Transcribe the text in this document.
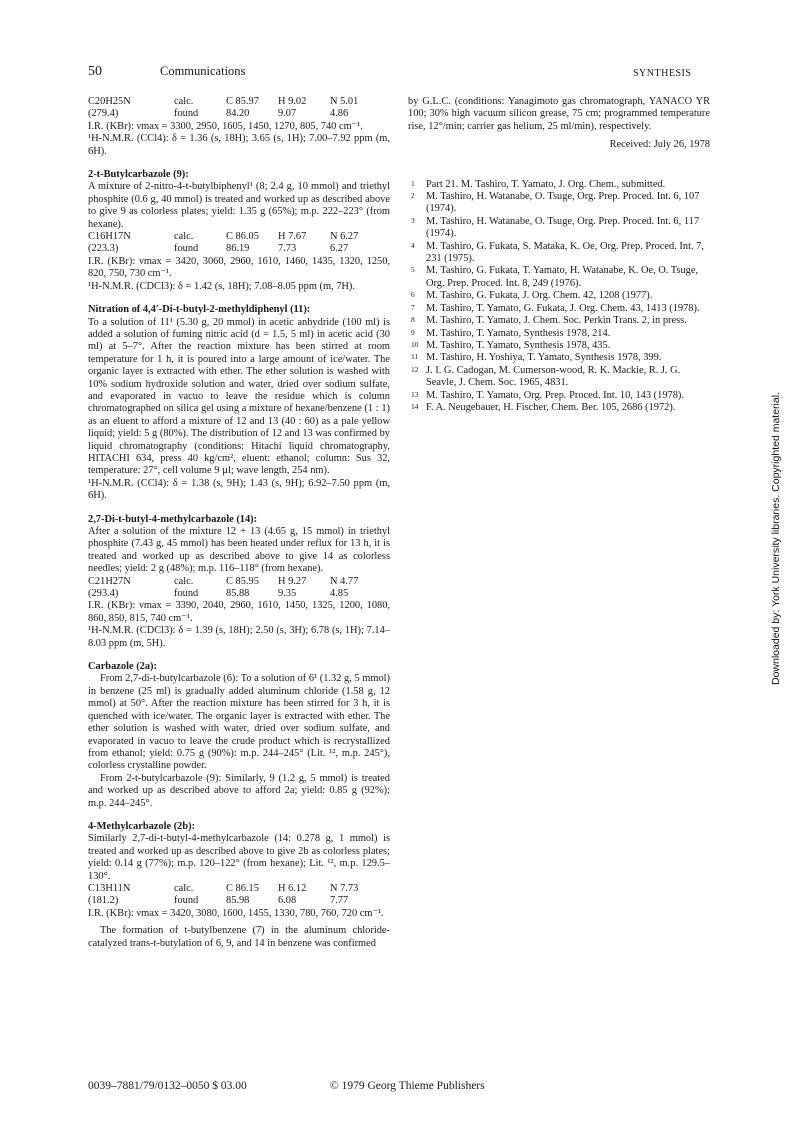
50	Communications	SYNTHESIS
C20H25N	calc.	C 85.97	H 9.02	N 5.01
(279.4)	found	84.20	9.07	4.86

I.R. (KBr): νmax = 3300, 2950, 1605, 1450, 1270, 805, 740 cm⁻¹.

¹H-N.M.R. (CCl4): δ = 1.36 (s, 18H); 3.65 (s, 1H); 7.00–7.92 ppm (m, 6H).

2-t-Butylcarbazole (9):

A mixture of 2-nitro-4-t-butylbiphenyl¹ (8; 2.4 g, 10 mmol) and triethyl phosphite (0.6 g, 40 mmol) is treated and worked up as described above to give 9 as colorless plates; yield: 1.35 g (65%); m.p. 222–223° (from hexane).

C16H17N	calc.	C 86.05	H 7.67	N 6.27
(223.3)	found	86.19	7.73	6.27

I.R. (KBr): νmax = 3420, 3060, 2960, 1610, 1460, 1435, 1320, 1250, 820, 750, 730 cm⁻¹.

¹H-N.M.R. (CDCl3): δ = 1.42 (s, 18H); 7.08–8.05 ppm (m, 7H).

Nitration of 4,4′-Di-t-butyl-2-methyldiphenyl (11):

To a solution of 11¹ (5.30 g, 20 mmol) in acetic anhydride (100 ml) is added a solution of fuming nitric acid (d = 1.5, 5 ml) in acetic acid (30 ml) at 5–7°. After the reaction mixture has been stirred at room temperature for 1 h, it is poured into a large amount of ice/water. The organic layer is extracted with ether. The ether solution is washed with 10% sodium hydroxide solution and water, dried over sodium sulfate, and evaporated in vacuo to leave the residue which is column chromatographed on silica gel using a mixture of hexane/benzene (1 : 1) as an eluent to afford a mixture of 12 and 13 (40 : 60) as a pale yellow liquid; yield: 5 g (80%). The distribution of 12 and 13 was confirmed by liquid chromatography (conditions: Hitachi liquid chromatography, HITACHI 634, press 40 kg/cm², eluent: ethanol; column: Sus 32, temperature: 27°, cell volume 9 µl; wave length, 254 nm).

¹H-N.M.R. (CCl4): δ = 1.38 (s, 9H); 1.43 (s, 9H); 6.92–7.50 ppm (m, 6H).

2,7-Di-t-butyl-4-methylcarbazole (14):

After a solution of the mixture 12 + 13 (4.65 g, 15 mmol) in triethyl phosphite (7.43 g, 45 mmol) has been heated under reflux for 13 h, it is treated and worked up as described above to give 14 as colorless needles; yield: 2 g (48%); m.p. 116–118° (from hexane).

C21H27N	calc.	C 85.95	H 9.27	N 4.77
(293.4)	found	85.88	9.35	4.85

I.R. (KBr): νmax = 3390, 2040, 2960, 1610, 1450, 1325, 1200, 1080, 860, 850, 815, 740 cm⁻¹.

¹H-N.M.R. (CDCl3): δ = 1.39 (s, 18H); 2.50 (s, 3H); 6.78 (s, 1H); 7.14–8.03 ppm (m, 5H).

Carbazole (2a):

From 2,7-di-t-butylcarbazole (6): To a solution of 6¹ (1.32 g, 5 mmol) in benzene (25 ml) is gradually added aluminum chloride (1.58 g, 12 mmol) at 50°. After the reaction mixture has been stirred for 3 h, it is quenched with ice/water. The organic layer is extracted with ether. The ether solution is washed with water, dried over sodium sulfate, and evaporated in vacuo to leave the crude product which is recrystallized from ethanol; yield: 0.75 g (90%): m.p. 244–245° (Lit. ¹², m.p. 245°), colorless crystalline powder.

From 2-t-butylcarbazole (9): Similarly, 9 (1.2 g, 5 mmol) is treated and worked up as described above to afford 2a; yield: 0.85 g (92%); m.p. 244–245°.

4-Methylcarbazole (2b):

Similarly 2,7-di-t-butyl-4-methylcarbazole (14: 0.278 g, 1 mmol) is treated and worked up as described above to give 2b as colorless plates; yield: 0.14 g (77%); m.p. 120–122° (from hexane); Lit. ¹², m.p. 129.5–130°.

C13H11N	calc.	C 86.15	H 6.12	N 7.73
(181.2)	found	85.98	6.08	7.77

I.R. (KBr): νmax = 3420, 3080, 1600, 1455, 1330, 780, 760, 720 cm⁻¹.

The formation of t-butylbenzene (7) in the aluminum chloride-catalyzed trans-t-butylation of 6, 9, and 14 in benzene was confirmed

by G.L.C. (conditions: Yanagimoto gas chromatograph, YANACO YR 100; 30% high vacuum silicon grease, 75 cm; programmed temperature rise, 12°/min; carrier gas helium, 25 ml/min), respectively.

Received: July 26, 1978
1	Part 21. M. Tashiro, T. Yamato, J. Org. Chem., submitted.
2	M. Tashiro, H. Watanabe, O. Tsuge, Org. Prep. Proced. Int. 6, 107 (1974).
3	M. Tashiro, H. Watanabe, O. Tsuge, Org. Prep. Proced. Int. 6, 117 (1974).
4	M. Tashiro, G. Fukata, S. Mataka, K. Oe, Org. Prep. Proced. Int. 7, 231 (1975).
5	M. Tashiro, G. Fukata, T. Yamato, H. Watanabe, K. Oe, O. Tsuge, Org. Prep. Proced. Int. 8, 249 (1976).
6	M. Tashiro, G. Fukata, J. Org. Chem. 42, 1208 (1977).
7	M. Tashiro, T. Yamato, G. Fukata, J. Org. Chem. 43, 1413 (1978).
8	M. Tashiro, T. Yamato, J. Chem. Soc. Perkin Trans. 2, in press.
9	M. Tashiro, T. Yamato, Synthesis 1978, 214.
10 M. Tashiro, T. Yamato, Synthesis 1978, 435.
11 M. Tashiro, H. Yoshiya, T. Yamato, Synthesis 1978, 399.
12 J. I. G. Cadogan, M. Cumerson-wood, R. K. Mackie, R. J. G. Seavle, J. Chem. Soc. 1965, 4831.
13 M. Tashiro, T. Yamato, Org. Prep. Proced. Int. 10, 143 (1978).
14 F. A. Neugebauer, H. Fischer, Chem. Ber. 105, 2686 (1972).	Downloaded by: York University libraries. Copyrighted material.
0039–7881/79/0132–0050 $ 03.00	© 1979 Georg Thieme Publishers
